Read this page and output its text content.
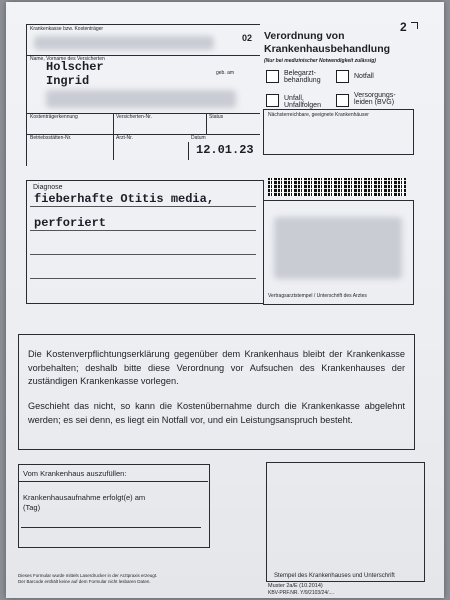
Krankenkasse bzw. Kostenträger
02
Name, Vorname des Versicherten
geb. am
Holscher
Ingrid
Kostenträgerkennung	Versicherten-Nr.	Status
Betriebsstätten-Nr.	Arzt-Nr.	Datum
12.01.23
2
Verordnung von
Krankenhausbehandlung
(Nur bei medizinischer Notwendigkeit zulässig)
Belegarzt-
behandlung
Notfall
Unfall,
Unfallfolgen
Versorgungs-
leiden (BVG)
Nächsterreichbare, geeignete Krankenhäuser
Diagnose
fieberhafte Otitis media,
perforiert
Vertragsarztstempel / Unterschrift des Arztes
Die Kostenverpflichtungserklärung gegenüber dem Krankenhaus bleibt der Krankenkasse vorbehalten; deshalb bitte diese Verordnung vor Aufsuchen des Krankenhauses der zuständigen Krankenkasse vorlegen.
Geschieht das nicht, so kann die Kostenübernahme durch die Krankenkasse abgelehnt werden; es sei denn, es liegt ein Notfall vor, und ein Leistungsanspruch besteht.
Vom Krankenhaus auszufüllen:
Krankenhausaufnahme erfolgt(e) am
(Tag)
Stempel des Krankenhauses und Unterschrift
Dieses Formular wurde mittels Laserdrucker in der Arztpraxis erzeugt.
Der Barcode enthält keine auf dem Formular nicht lesbaren Daten.
Muster 2a/E (10.2014)
KBV-PRF.NR. Y/9/2103/24/....
